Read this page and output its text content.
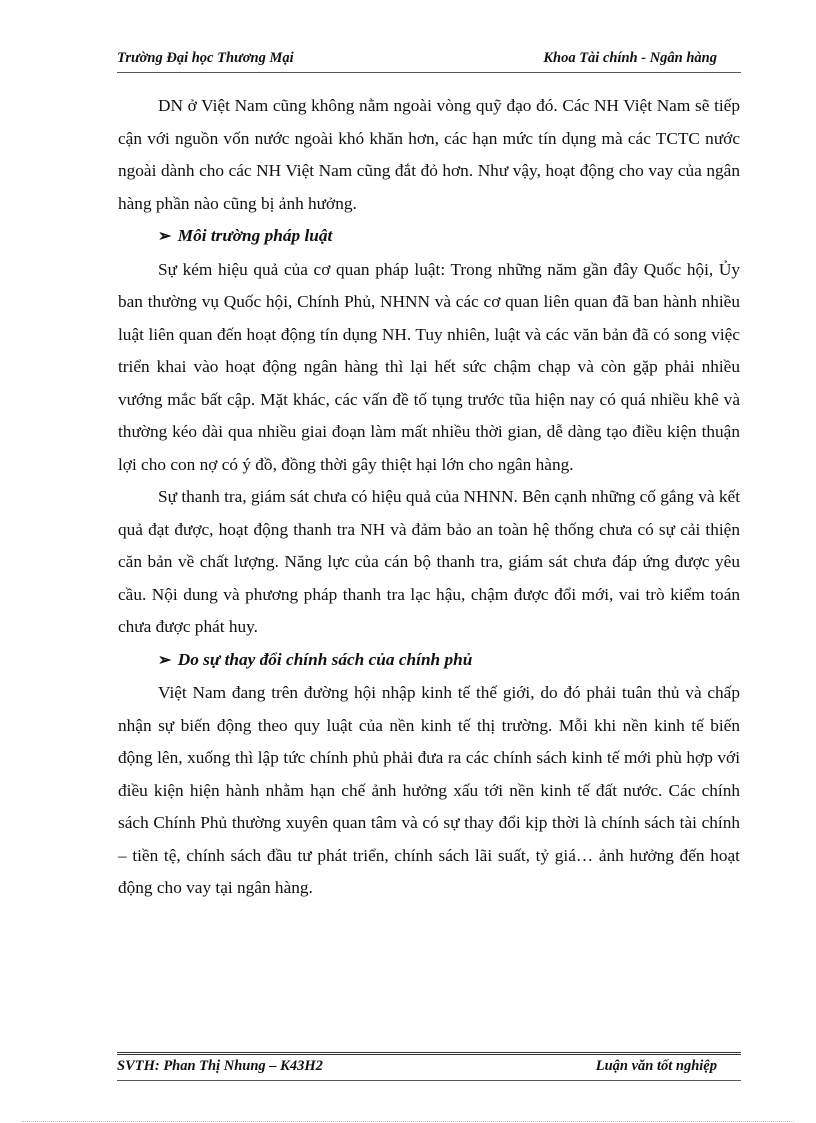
Trường Đại học Thương Mại	Khoa Tài chính - Ngân hàng

DN ở Việt Nam cũng không nằm ngoài vòng quỹ đạo đó. Các NH Việt Nam sẽ tiếp cận với nguồn vốn nước ngoài khó khăn hơn, các hạn mức tín dụng mà các TCTC nước ngoài dành cho các NH Việt Nam cũng đắt đỏ hơn. Như vậy, hoạt động cho vay của ngân hàng phần nào cũng bị ảnh hưởng.

➢ Môi trường pháp luật

Sự kém hiệu quả của cơ quan pháp luật: Trong những năm gần đây Quốc hội, Ủy ban thường vụ Quốc hội, Chính Phủ, NHNN và các cơ quan liên quan đã ban hành nhiều luật liên quan đến hoạt động tín dụng NH. Tuy nhiên, luật và các văn bản đã có song việc triển khai vào hoạt động ngân hàng thì lại hết sức chậm chạp và còn gặp phải nhiều vướng mắc bất cập. Mặt khác, các vấn đề tố tụng trước tũa hiện nay có quá nhiều khê và thường kéo dài qua nhiều giai đoạn làm mất nhiều thời gian, dễ dàng tạo điều kiện thuận lợi cho con nợ có ý đồ, đồng thời gây thiệt hại lớn cho ngân hàng.

Sự thanh tra, giám sát chưa có hiệu quả của NHNN. Bên cạnh những cố gắng và kết quả đạt được, hoạt động thanh tra NH và đảm bảo an toàn hệ thống chưa có sự cải thiện căn bản về chất lượng. Năng lực của cán bộ thanh tra, giám sát chưa đáp ứng được yêu cầu. Nội dung và phương pháp thanh tra lạc hậu, chậm được đổi mới, vai trò kiểm toán chưa được phát huy.

➢ Do sự thay đổi chính sách của chính phủ

Việt Nam đang trên đường hội nhập kinh tế thế giới, do đó phải tuân thủ và chấp nhận sự biến động theo quy luật của nền kinh tế thị trường. Mỗi khi nền kinh tế biến động lên, xuống thì lập tức chính phủ phải đưa ra các chính sách kinh tế mới phù hợp với điều kiện hiện hành nhằm hạn chế ảnh hưởng xấu tới nền kinh tế đất nước. Các chính sách Chính Phủ thường xuyên quan tâm và có sự thay đổi kịp thời là chính sách tài chính – tiền tệ, chính sách đầu tư phát triển, chính sách lãi suất, tỷ giá… ảnh hưởng đến hoạt động cho vay tại ngân hàng.

SVTH: Phan Thị Nhung – K43H2	Luận văn tốt nghiệp
